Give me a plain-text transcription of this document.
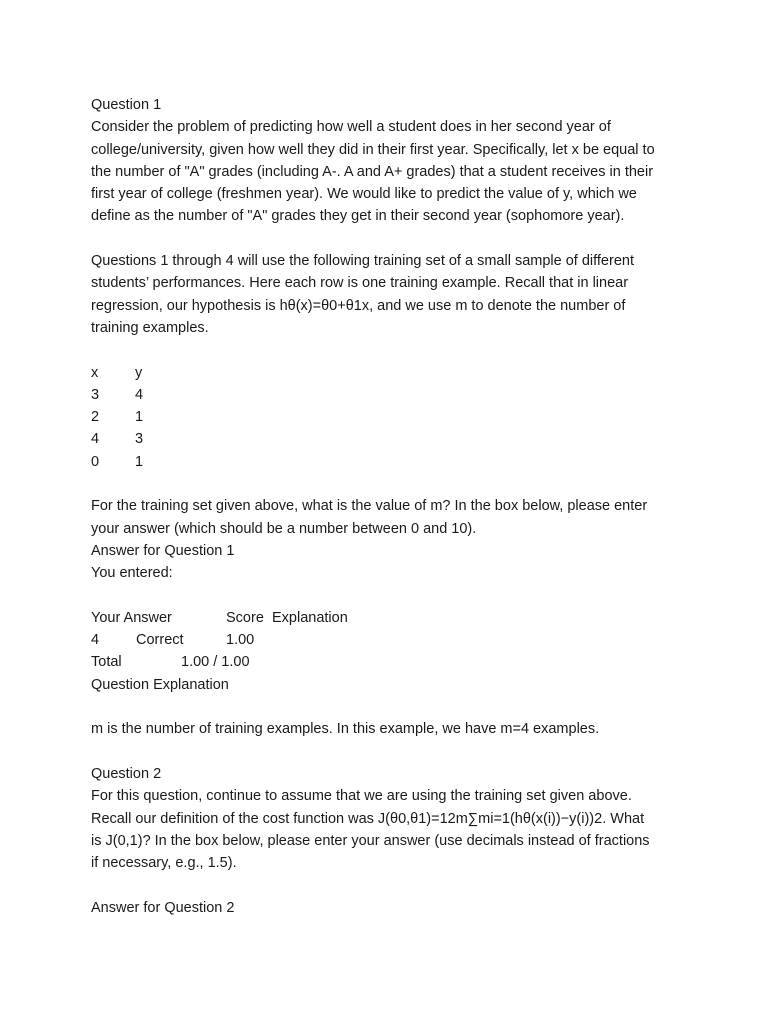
Question 1
Consider the problem of predicting how well a student does in her second year of
college/university, given how well they did in their first year. Specifically, let x be equal to
the number of "A" grades (including A-. A and A+ grades) that a student receives in their
first year of college (freshmen year). We would like to predict the value of y, which we
define as the number of "A" grades they get in their second year (sophomore year).
Questions 1 through 4 will use the following training set of a small sample of different
students’ performances. Here each row is one training example. Recall that in linear
regression, our hypothesis is hθ(x)=θ0+θ1x, and we use m to denote the number of
training examples.
x	y
3 4
2 1
4 3
0 1
For the training set given above, what is the value of m? In the box below, please enter
your answer (which should be a number between 0 and 10).
Answer for Question 1
You entered:
Your Answer	Score Explanation
4	Correct	1.00
Total	1.00 / 1.00
Question Explanation
m is the number of training examples. In this example, we have m=4 examples.
Question 2
For this question, continue to assume that we are using the training set given above.
Recall our definition of the cost function was J(θ0,θ1)=12m∑mi=1(hθ(x(i))−y(i))2. What
is J(0,1)? In the box below, please enter your answer (use decimals instead of fractions
if necessary, e.g., 1.5).
Answer for Question 2
